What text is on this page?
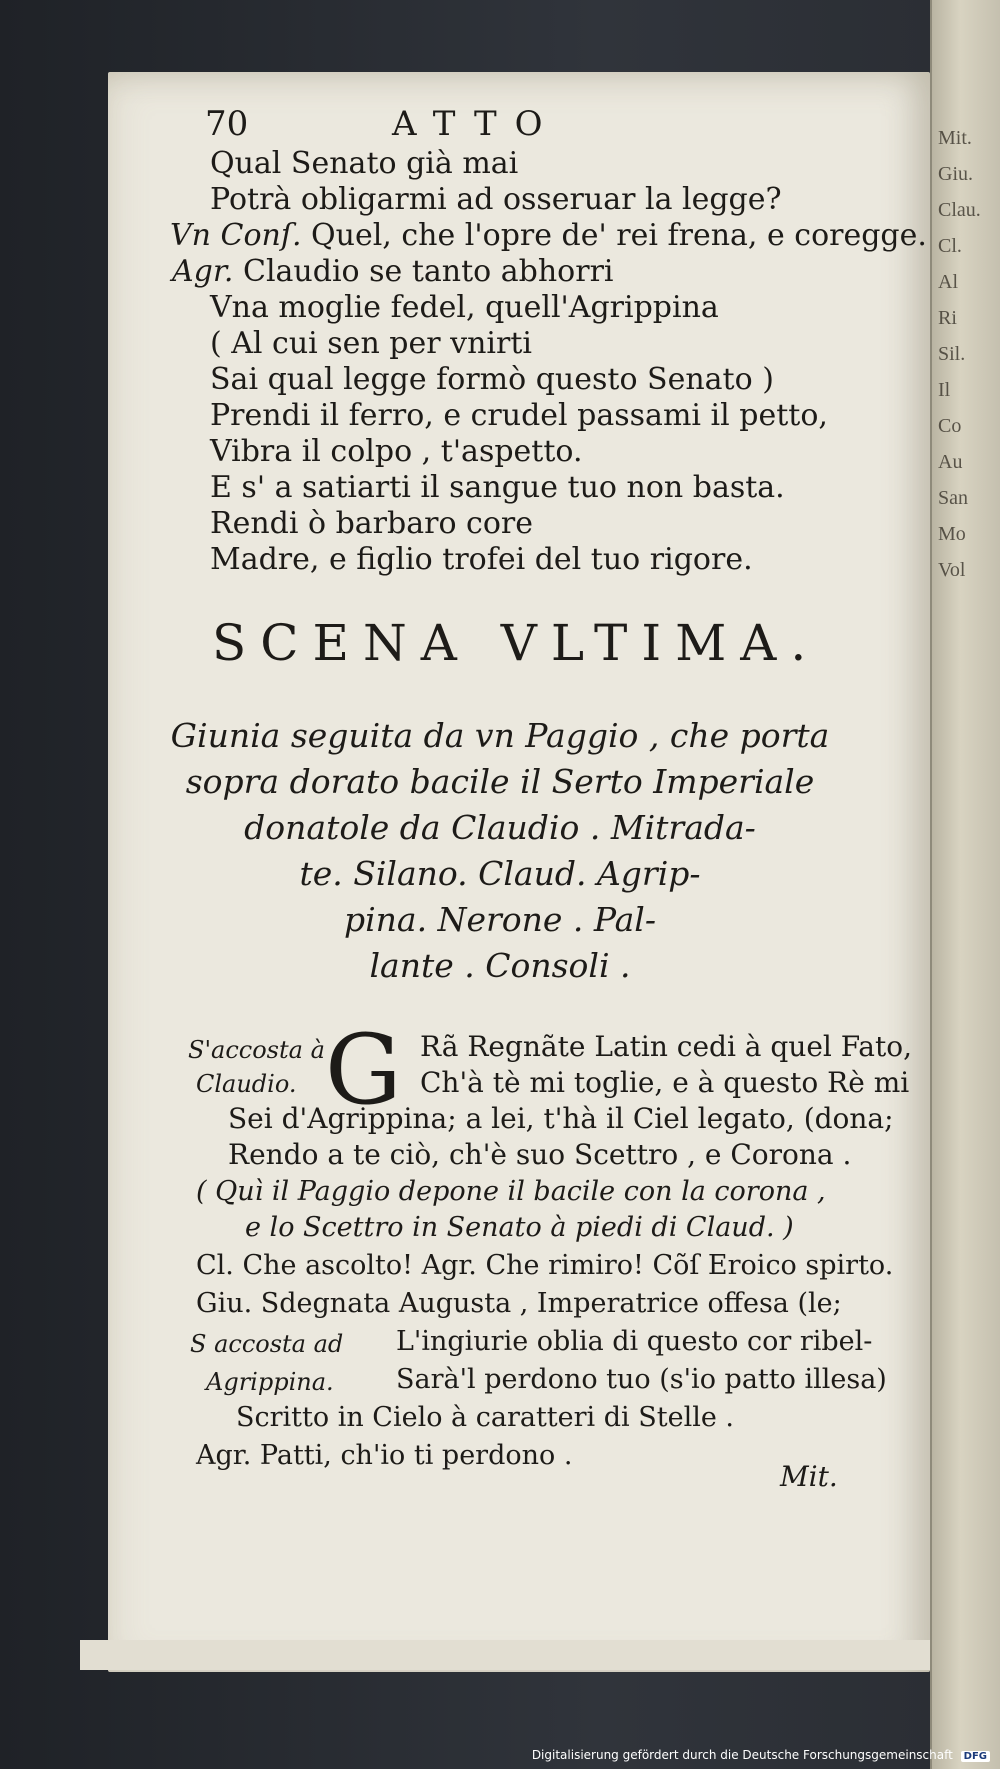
Mit.
Giu.
Clau.
Cl.
Al
Ri
Sil.
Il
Co
Au
San
Mo
Vol
70	ATTO
Qual Senato già mai
Potrà obligarmi ad osseruar la legge?
Vn Conſ. Quel, che l'opre de' rei frena, e coregge.
Agr. Claudio se tanto abhorri
Vna moglie fedel, quell'Agrippina
( Al cui sen per vnirti
Sai qual legge formò questo Senato )
Prendi il ferro, e crudel passami il petto,
Vibra il colpo , t'aspetto.
E s' a satiarti il sangue tuo non basta.
Rendi ò barbaro core
Madre, e figlio trofei del tuo rigore.
SCENA VLTIMA.
Giunia seguita da vn Paggio , che porta
sopra dorato bacile il Serto Imperiale
donatole da Claudio . Mitrada-
te. Silano. Claud. Agrip-
pina. Nerone . Pal-
lante . Consoli .
S'accosta à
Claudio.
S accosta ad
Agrippina.
G Rã Regnãte Latin cedi à quel Fato,
Ch'à tè mi toglie, e à questo Rè mi
Sei d'Agrippina; a lei, t'hà il Ciel legato, (dona;
Rendo a te ciò, ch'è suo Scettro , e Corona .
( Quì il Paggio depone il bacile con la corona ,
e lo Scettro in Senato à piedi di Claud. )
Cl. Che ascolto! Agr. Che rimiro! Cõſ Eroico spirto.
Giu. Sdegnata Augusta , Imperatrice offesa (le;
L'ingiurie oblia di questo cor ribel-
Sarà'l perdono tuo (s'io patto illesa)
Scritto in Cielo à caratteri di Stelle .
Agr. Patti, ch'io ti perdono .
Mit.
Digitalisierung gefördert durch die Deutsche Forschungsgemeinschaft DFG
